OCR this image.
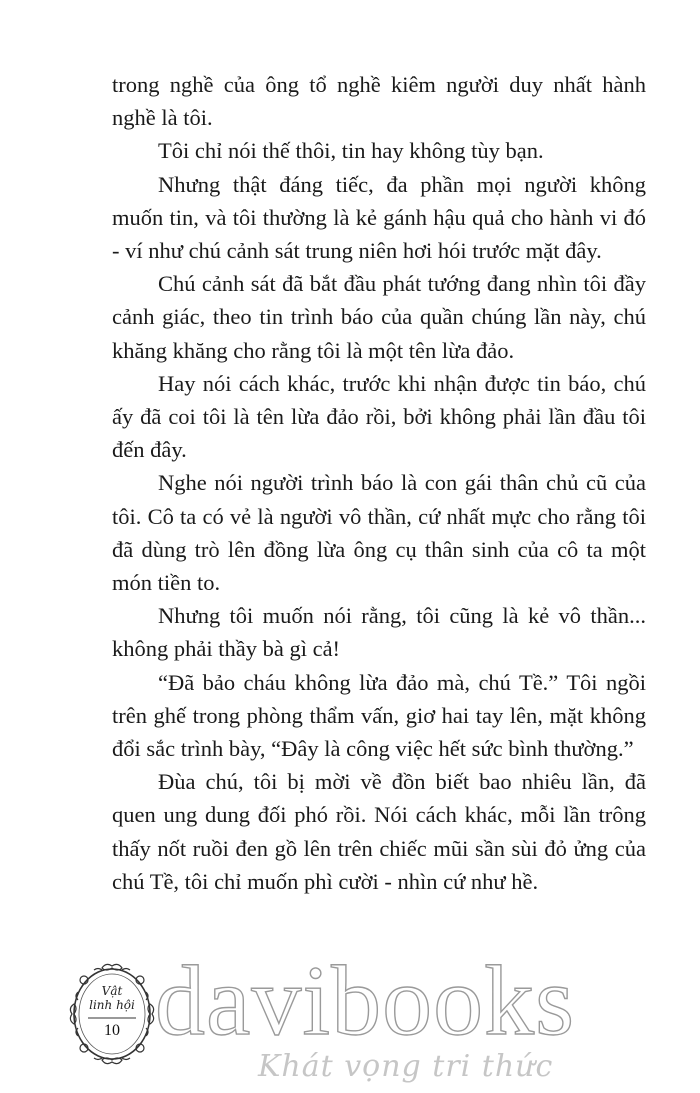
trong nghề của ông tổ nghề kiêm người duy nhất hành nghề là tôi.

Tôi chỉ nói thế thôi, tin hay không tùy bạn.

Nhưng thật đáng tiếc, đa phần mọi người không muốn tin, và tôi thường là kẻ gánh hậu quả cho hành vi đó - ví như chú cảnh sát trung niên hơi hói trước mặt đây.

Chú cảnh sát đã bắt đầu phát tướng đang nhìn tôi đầy cảnh giác, theo tin trình báo của quần chúng lần này, chú khăng khăng cho rằng tôi là một tên lừa đảo.

Hay nói cách khác, trước khi nhận được tin báo, chú ấy đã coi tôi là tên lừa đảo rồi, bởi không phải lần đầu tôi đến đây.

Nghe nói người trình báo là con gái thân chủ cũ của tôi. Cô ta có vẻ là người vô thần, cứ nhất mực cho rằng tôi đã dùng trò lên đồng lừa ông cụ thân sinh của cô ta một món tiền to.

Nhưng tôi muốn nói rằng, tôi cũng là kẻ vô thần... không phải thầy bà gì cả!

“Đã bảo cháu không lừa đảo mà, chú Tề.” Tôi ngồi trên ghế trong phòng thẩm vấn, giơ hai tay lên, mặt không đổi sắc trình bày, “Đây là công việc hết sức bình thường.”

Đùa chú, tôi bị mời về đồn biết bao nhiêu lần, đã quen ung dung đối phó rồi. Nói cách khác, mỗi lần trông thấy nốt ruồi đen gồ lên trên chiếc mũi sần sùi đỏ ửng của chú Tề, tôi chỉ muốn phì cười - nhìn cứ như hề.

Vật
linh hội
10 davibooks
Khát vọng tri thức
